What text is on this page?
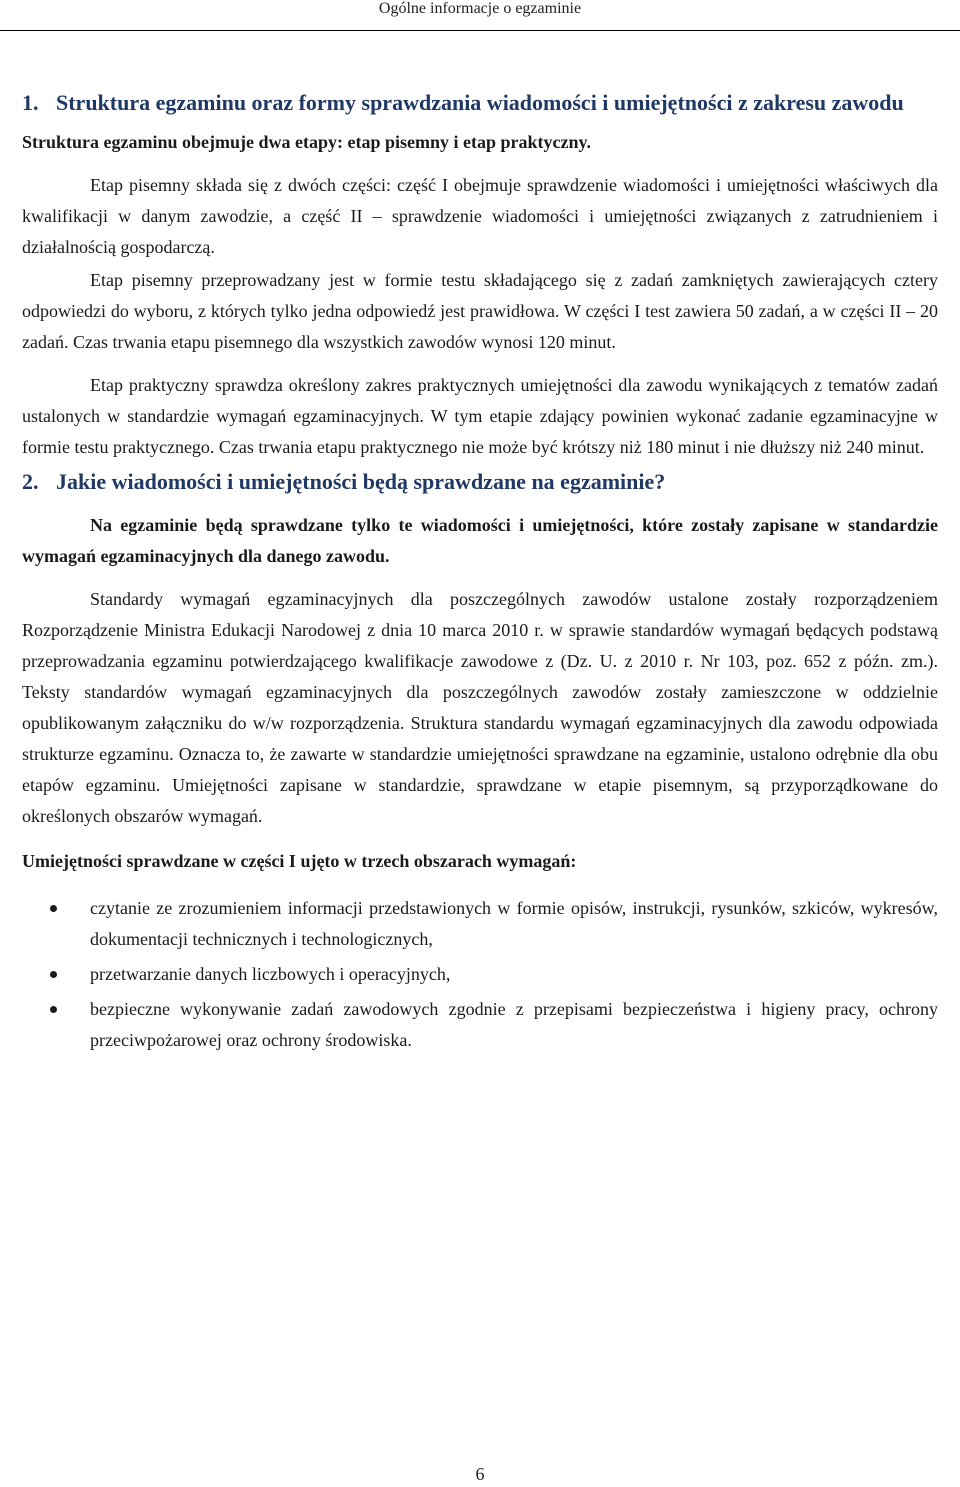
Ogólne informacje o egzaminie
1. Struktura egzaminu oraz formy sprawdzania wiadomości i umiejętności z zakresu zawodu

Struktura egzaminu obejmuje dwa etapy: etap pisemny i etap praktyczny.

Etap pisemny składa się z dwóch części: część I obejmuje sprawdzenie wiadomości i umiejętności właściwych dla kwalifikacji w danym zawodzie, a część II – sprawdzenie wiadomości i umiejętności związanych z zatrudnieniem i działalnością gospodarczą.

Etap pisemny przeprowadzany jest w formie testu składającego się z zadań zamkniętych zawierających cztery odpowiedzi do wyboru, z których tylko jedna odpowiedź jest prawidłowa. W części I test zawiera 50 zadań, a w części II – 20 zadań. Czas trwania etapu pisemnego dla wszystkich zawodów wynosi 120 minut.

Etap praktyczny sprawdza określony zakres praktycznych umiejętności dla zawodu wynikających z tematów zadań ustalonych w standardzie wymagań egzaminacyjnych. W tym etapie zdający powinien wykonać zadanie egzaminacyjne w formie testu praktycznego. Czas trwania etapu praktycznego nie może być krótszy niż 180 minut i nie dłuższy niż 240 minut.

2. Jakie wiadomości i umiejętności będą sprawdzane na egzaminie?

Na egzaminie będą sprawdzane tylko te wiadomości i umiejętności, które zostały zapisane w standardzie wymagań egzaminacyjnych dla danego zawodu.

Standardy wymagań egzaminacyjnych dla poszczególnych zawodów ustalone zostały rozporządzeniem Rozporządzenie Ministra Edukacji Narodowej z dnia 10 marca 2010 r. w sprawie standardów wymagań będących podstawą przeprowadzania egzaminu potwierdzającego kwalifikacje zawodowe z (Dz. U. z 2010 r. Nr 103, poz. 652 z późn. zm.). Teksty standardów wymagań egzaminacyjnych dla poszczególnych zawodów zostały zamieszczone w oddzielnie opublikowanym załączniku do w/w rozporządzenia. Struktura standardu wymagań egzaminacyjnych dla zawodu odpowiada strukturze egzaminu. Oznacza to, że zawarte w standardzie umiejętności sprawdzane na egzaminie, ustalono odrębnie dla obu etapów egzaminu. Umiejętności zapisane w standardzie, sprawdzane w etapie pisemnym, są przyporządkowane do określonych obszarów wymagań.

Umiejętności sprawdzane w części I ujęto w trzech obszarach wymagań:

czytanie ze zrozumieniem informacji przedstawionych w formie opisów, instrukcji, rysunków, szkiców, wykresów, dokumentacji technicznych i technologicznych,
przetwarzanie danych liczbowych i operacyjnych,
bezpieczne wykonywanie zadań zawodowych zgodnie z przepisami bezpieczeństwa i higieny pracy, ochrony przeciwpożarowej oraz ochrony środowiska.
6
